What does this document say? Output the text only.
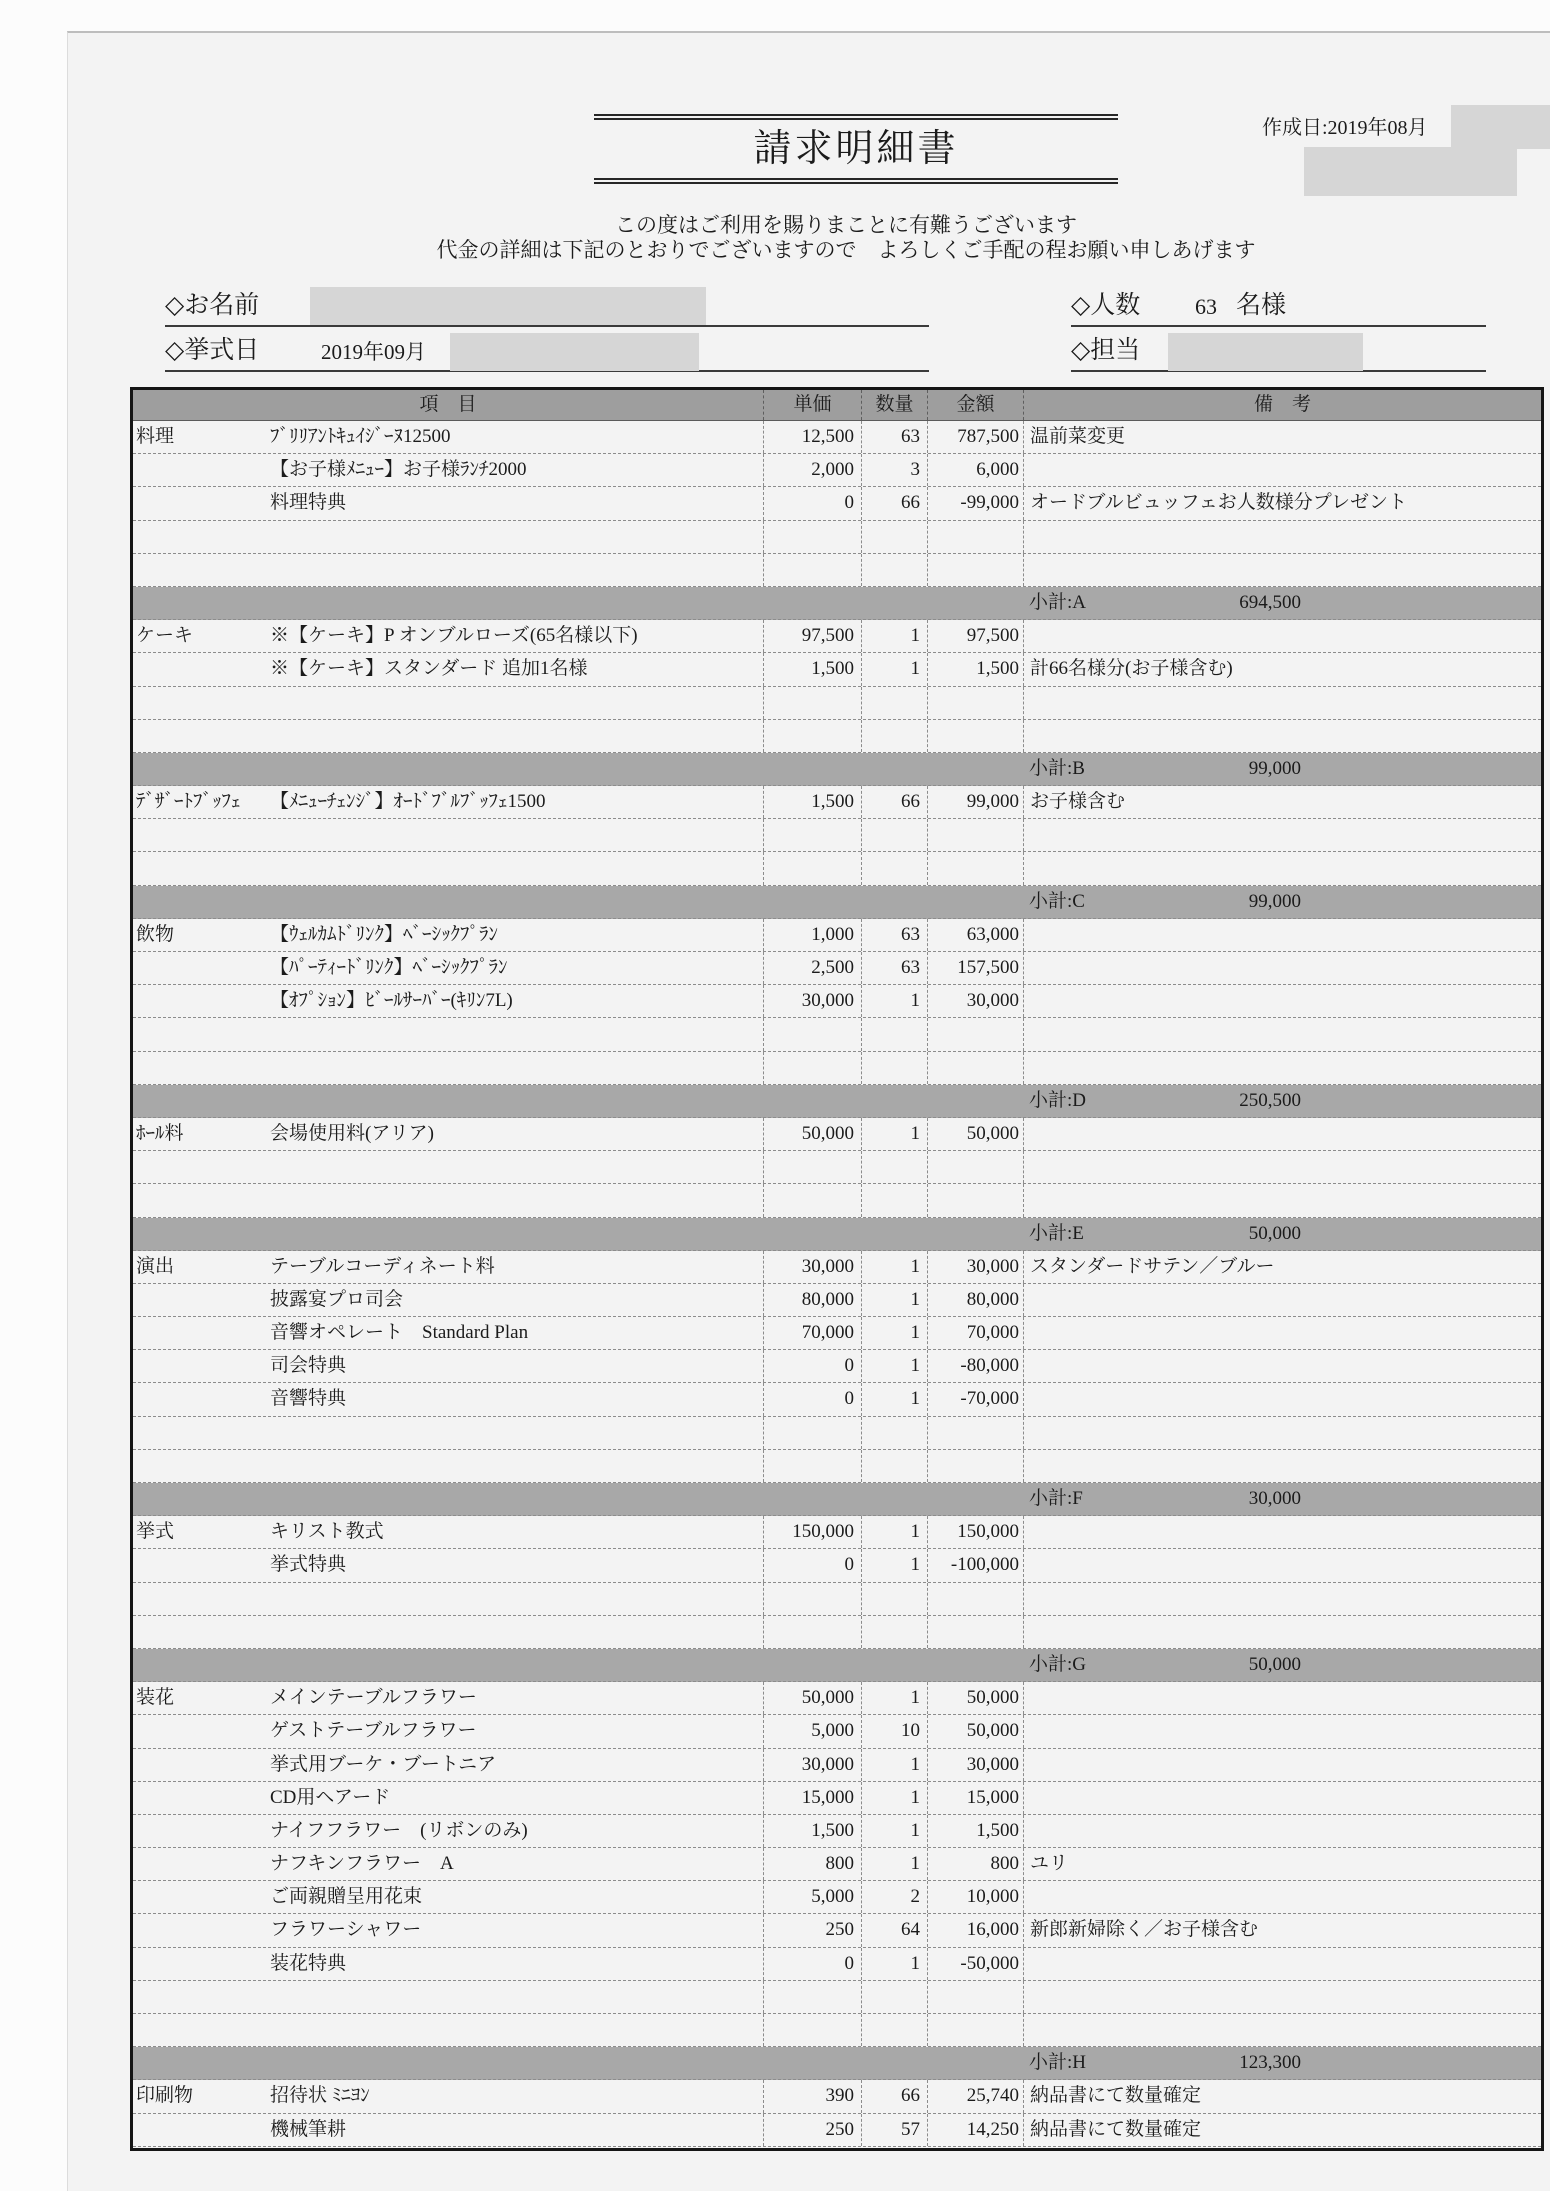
請求明細書	作成日:2019年08月
この度はご利用を賜りまことに有難うございます
代金の詳細は下記のとおりでございますので　よろしくご手配の程お願い申しあげます
◇お名前
◇挙式日	2019年09月
◇人数 63 名様
◇担当
項　目	単価	数量	金額	備　考
料理	ﾌﾞﾘﾘｱﾝﾄｷｭｲｼﾞｰﾇ12500	12,500	63	787,500 温前菜変更
【お子様ﾒﾆｭｰ】お子様ﾗﾝﾁ2000	2,000	3	6,000
料理特典	0	66	-99,000 オードブルビュッフェお人数様分プレゼント
小計:A	694,500
ケーキ	※【ケーキ】P オンブルローズ(65名様以下)	97,500	1	97,500
※【ケーキ】スタンダード 追加1名様	1,500	1	1,500 計66名様分(お子様含む)
小計:B	99,000
ﾃﾞｻﾞｰﾄﾌﾞｯﾌｪ	【ﾒﾆｭｰﾁｪﾝｼﾞ】ｵｰﾄﾞﾌﾞﾙﾌﾞｯﾌｪ1500	1,500	66	99,000 お子様含む
小計:C	99,000
飲物	【ｳｪﾙｶﾑﾄﾞﾘﾝｸ】ﾍﾞｰｼｯｸﾌﾟﾗﾝ	1,000	63	63,000
【ﾊﾟｰﾃｨｰﾄﾞﾘﾝｸ】ﾍﾞｰｼｯｸﾌﾟﾗﾝ	2,500	63	157,500
【ｵﾌﾟｼｮﾝ】ﾋﾞｰﾙｻｰﾊﾞｰ(ｷﾘﾝ7L)	30,000	1	30,000
小計:D	250,500
ﾎｰﾙ料	会場使用料(アリア)	50,000	1	50,000
小計:E	50,000
演出	テーブルコーディネート料	30,000	1	30,000 スタンダードサテン／ブルー
披露宴プロ司会	80,000	1	80,000
音響オペレート　Standard Plan	70,000	1	70,000
司会特典	0	1	-80,000
音響特典	0	1	-70,000
小計:F	30,000
挙式	キリスト教式	150,000	1	150,000
挙式特典	0	1	-100,000
小計:G	50,000
装花	メインテーブルフラワー	50,000	1	50,000
ゲストテーブルフラワー	5,000	10	50,000
挙式用ブーケ・ブートニア	30,000	1	30,000
CD用ヘアード	15,000	1	15,000
ナイフフラワー　(リボンのみ)	1,500	1	1,500
ナフキンフラワー　A	800	1	800 ユリ
ご両親贈呈用花束	5,000	2	10,000
フラワーシャワー	250	64	16,000 新郎新婦除く／お子様含む
装花特典	0	1	-50,000
小計:H	123,300
印刷物	招待状 ﾐﾆﾖﾝ	390	66	25,740 納品書にて数量確定
機械筆耕	250	57	14,250 納品書にて数量確定
